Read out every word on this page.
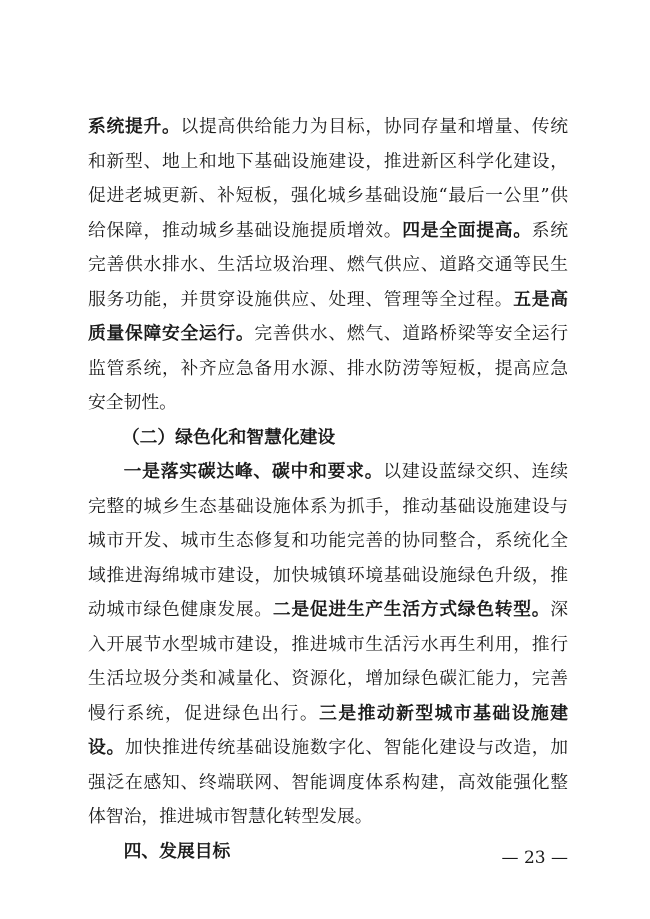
系统提升。以提高供给能力为目标，协同存量和增量、传统和新型、地上和地下基础设施建设，推进新区科学化建设，促进老城更新、补短板，强化城乡基础设施“最后一公里”供给保障，推动城乡基础设施提质增效。四是全面提高。系统完善供水排水、生活垃圾治理、燃气供应、道路交通等民生服务功能，并贯穿设施供应、处理、管理等全过程。五是高质量保障安全运行。完善供水、燃气、道路桥梁等安全运行监管系统，补齐应急备用水源、排水防涝等短板，提高应急安全韧性。

（二）绿色化和智慧化建设

一是落实碳达峰、碳中和要求。以建设蓝绿交织、连续完整的城乡生态基础设施体系为抓手，推动基础设施建设与城市开发、城市生态修复和功能完善的协同整合，系统化全域推进海绵城市建设，加快城镇环境基础设施绿色升级，推动城市绿色健康发展。二是促进生产生活方式绿色转型。深入开展节水型城市建设，推进城市生活污水再生利用，推行生活垃圾分类和减量化、资源化，增加绿色碳汇能力，完善慢行系统，促进绿色出行。三是推动新型城市基础设施建设。加快推进传统基础设施数字化、智能化建设与改造，加强泛在感知、终端联网、智能调度体系构建，高效能强化整体智治，推进城市智慧化转型发展。

四、发展目标	— 23 —
